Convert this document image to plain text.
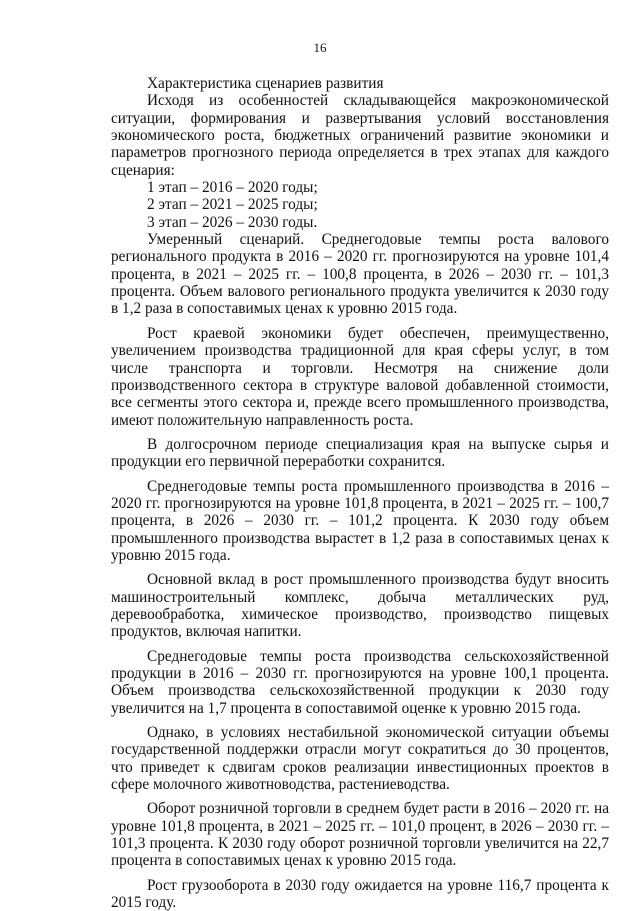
16

Характеристика сценариев развития

Исходя из особенностей складывающейся макроэкономической ситуации, формирования и развертывания условий восстановления экономического роста, бюджетных ограничений развитие экономики и параметров прогнозного периода определяется в трех этапах для каждого сценария:

1 этап – 2016 – 2020 годы;

2 этап – 2021 – 2025 годы;

3 этап – 2026 – 2030 годы.

Умеренный сценарий. Среднегодовые темпы роста валового регионального продукта в 2016 – 2020 гг. прогнозируются на уровне 101,4 процента, в 2021 – 2025 гг. – 100,8 процента, в 2026 – 2030 гг. – 101,3 процента. Объем валового регионального продукта увеличится к 2030 году в 1,2 раза в сопоставимых ценах к уровню 2015 года.

Рост краевой экономики будет обеспечен, преимущественно, увеличением производства традиционной для края сферы услуг, в том числе транспорта и торговли. Несмотря на снижение доли производственного сектора в структуре валовой добавленной стоимости, все сегменты этого сектора и, прежде всего промышленного производства, имеют положительную направленность роста.

В долгосрочном периоде специализация края на выпуске сырья и продукции его первичной переработки сохранится.

Среднегодовые темпы роста промышленного производства в 2016 – 2020 гг. прогнозируются на уровне 101,8 процента, в 2021 – 2025 гг. – 100,7 процента, в 2026 – 2030 гг. – 101,2 процента. К 2030 году объем промышленного производства вырастет в 1,2 раза в сопоставимых ценах к уровню 2015 года.

Основной вклад в рост промышленного производства будут вносить машиностроительный комплекс, добыча металлических руд, деревообработка, химическое производство, производство пищевых продуктов, включая напитки.

Среднегодовые темпы роста производства сельскохозяйственной продукции в 2016 – 2030 гг. прогнозируются на уровне 100,1 процента. Объем производства сельскохозяйственной продукции к 2030 году увеличится на 1,7 процента в сопоставимой оценке к уровню 2015 года.

Однако, в условиях нестабильной экономической ситуации объемы государственной поддержки отрасли могут сократиться до 30 процентов, что приведет к сдвигам сроков реализации инвестиционных проектов в сфере молочного животноводства, растениеводства.

Оборот розничной торговли в среднем будет расти в 2016 – 2020 гг. на уровне 101,8 процента, в 2021 – 2025 гг. – 101,0 процент, в 2026 – 2030 гг. – 101,3 процента. К 2030 году оборот розничной торговли увеличится на 22,7 процента в сопоставимых ценах к уровню 2015 года.

Рост грузооборота в 2030 году ожидается на уровне 116,7 процента к 2015 году.
